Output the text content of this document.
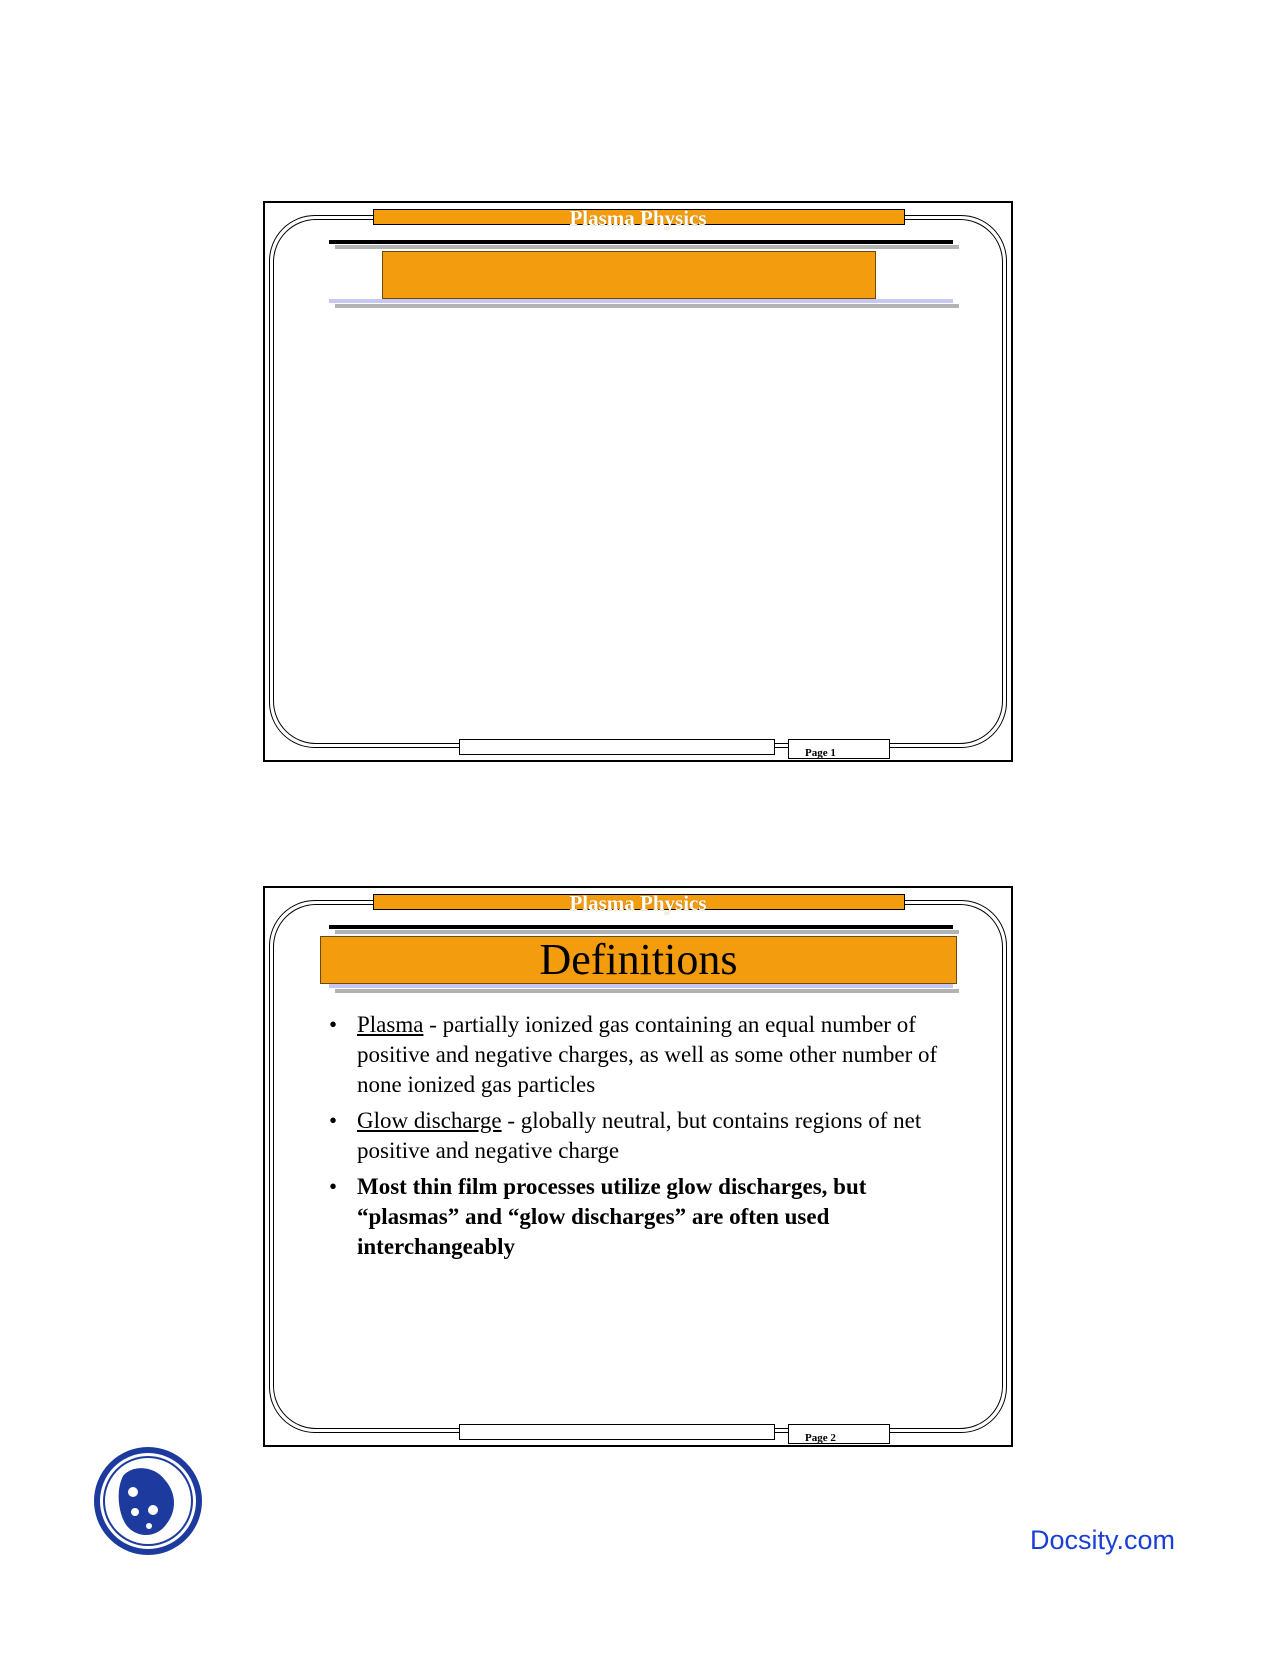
Plasma Physics
Page 1
Plasma Physics
Definitions
• Plasma - partially ionized gas containing an equal number of positive and negative charges, as well as some other number of none ionized gas particles
• Glow discharge - globally neutral, but contains regions of net positive and negative charge
• Most thin film processes utilize glow discharges, but “plasmas” and “glow discharges” are often used interchangeably
Page 2
Docsity.com
